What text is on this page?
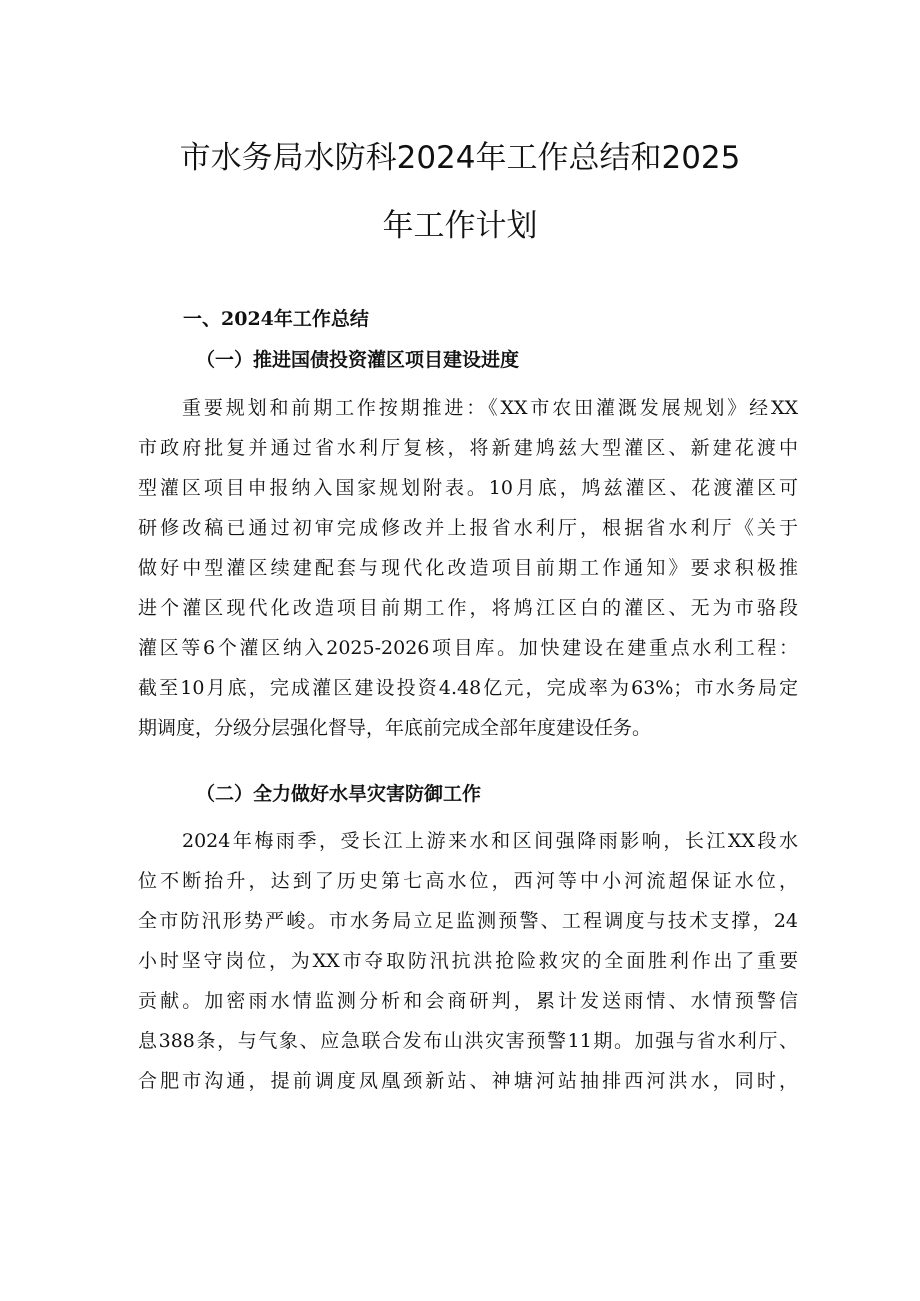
市水务局水防科2024年工作总结和2025
年工作计划
一、2024年工作总结
（一）推进国债投资灌区项目建设进度
重要规划和前期工作按期推进：《XX市农田灌溉发展规划》经XX
市政府批复并通过省水利厅复核，将新建鸠兹大型灌区、新建花渡中
型灌区项目申报纳入国家规划附表。10月底，鸠兹灌区、花渡灌区可
研修改稿已通过初审完成修改并上报省水利厅，根据省水利厅《关于
做好中型灌区续建配套与现代化改造项目前期工作通知》要求积极推
进个灌区现代化改造项目前期工作，将鸠江区白的灌区、无为市骆段
灌区等6个灌区纳入2025-2026项目库。加快建设在建重点水利工程：
截至10月底，完成灌区建设投资4.48亿元，完成率为63%；市水务局定
期调度，分级分层强化督导，年底前完成全部年度建设任务。
（二）全力做好水旱灾害防御工作
2024年梅雨季，受长江上游来水和区间强降雨影响，长江XX段水
位不断抬升，达到了历史第七高水位，西河等中小河流超保证水位，
全市防汛形势严峻。市水务局立足监测预警、工程调度与技术支撑，24
小时坚守岗位，为XX市夺取防汛抗洪抢险救灾的全面胜利作出了重要
贡献。加密雨水情监测分析和会商研判，累计发送雨情、水情预警信
息388条，与气象、应急联合发布山洪灾害预警11期。加强与省水利厅、
合肥市沟通，提前调度凤凰颈新站、神塘河站抽排西河洪水，同时，
